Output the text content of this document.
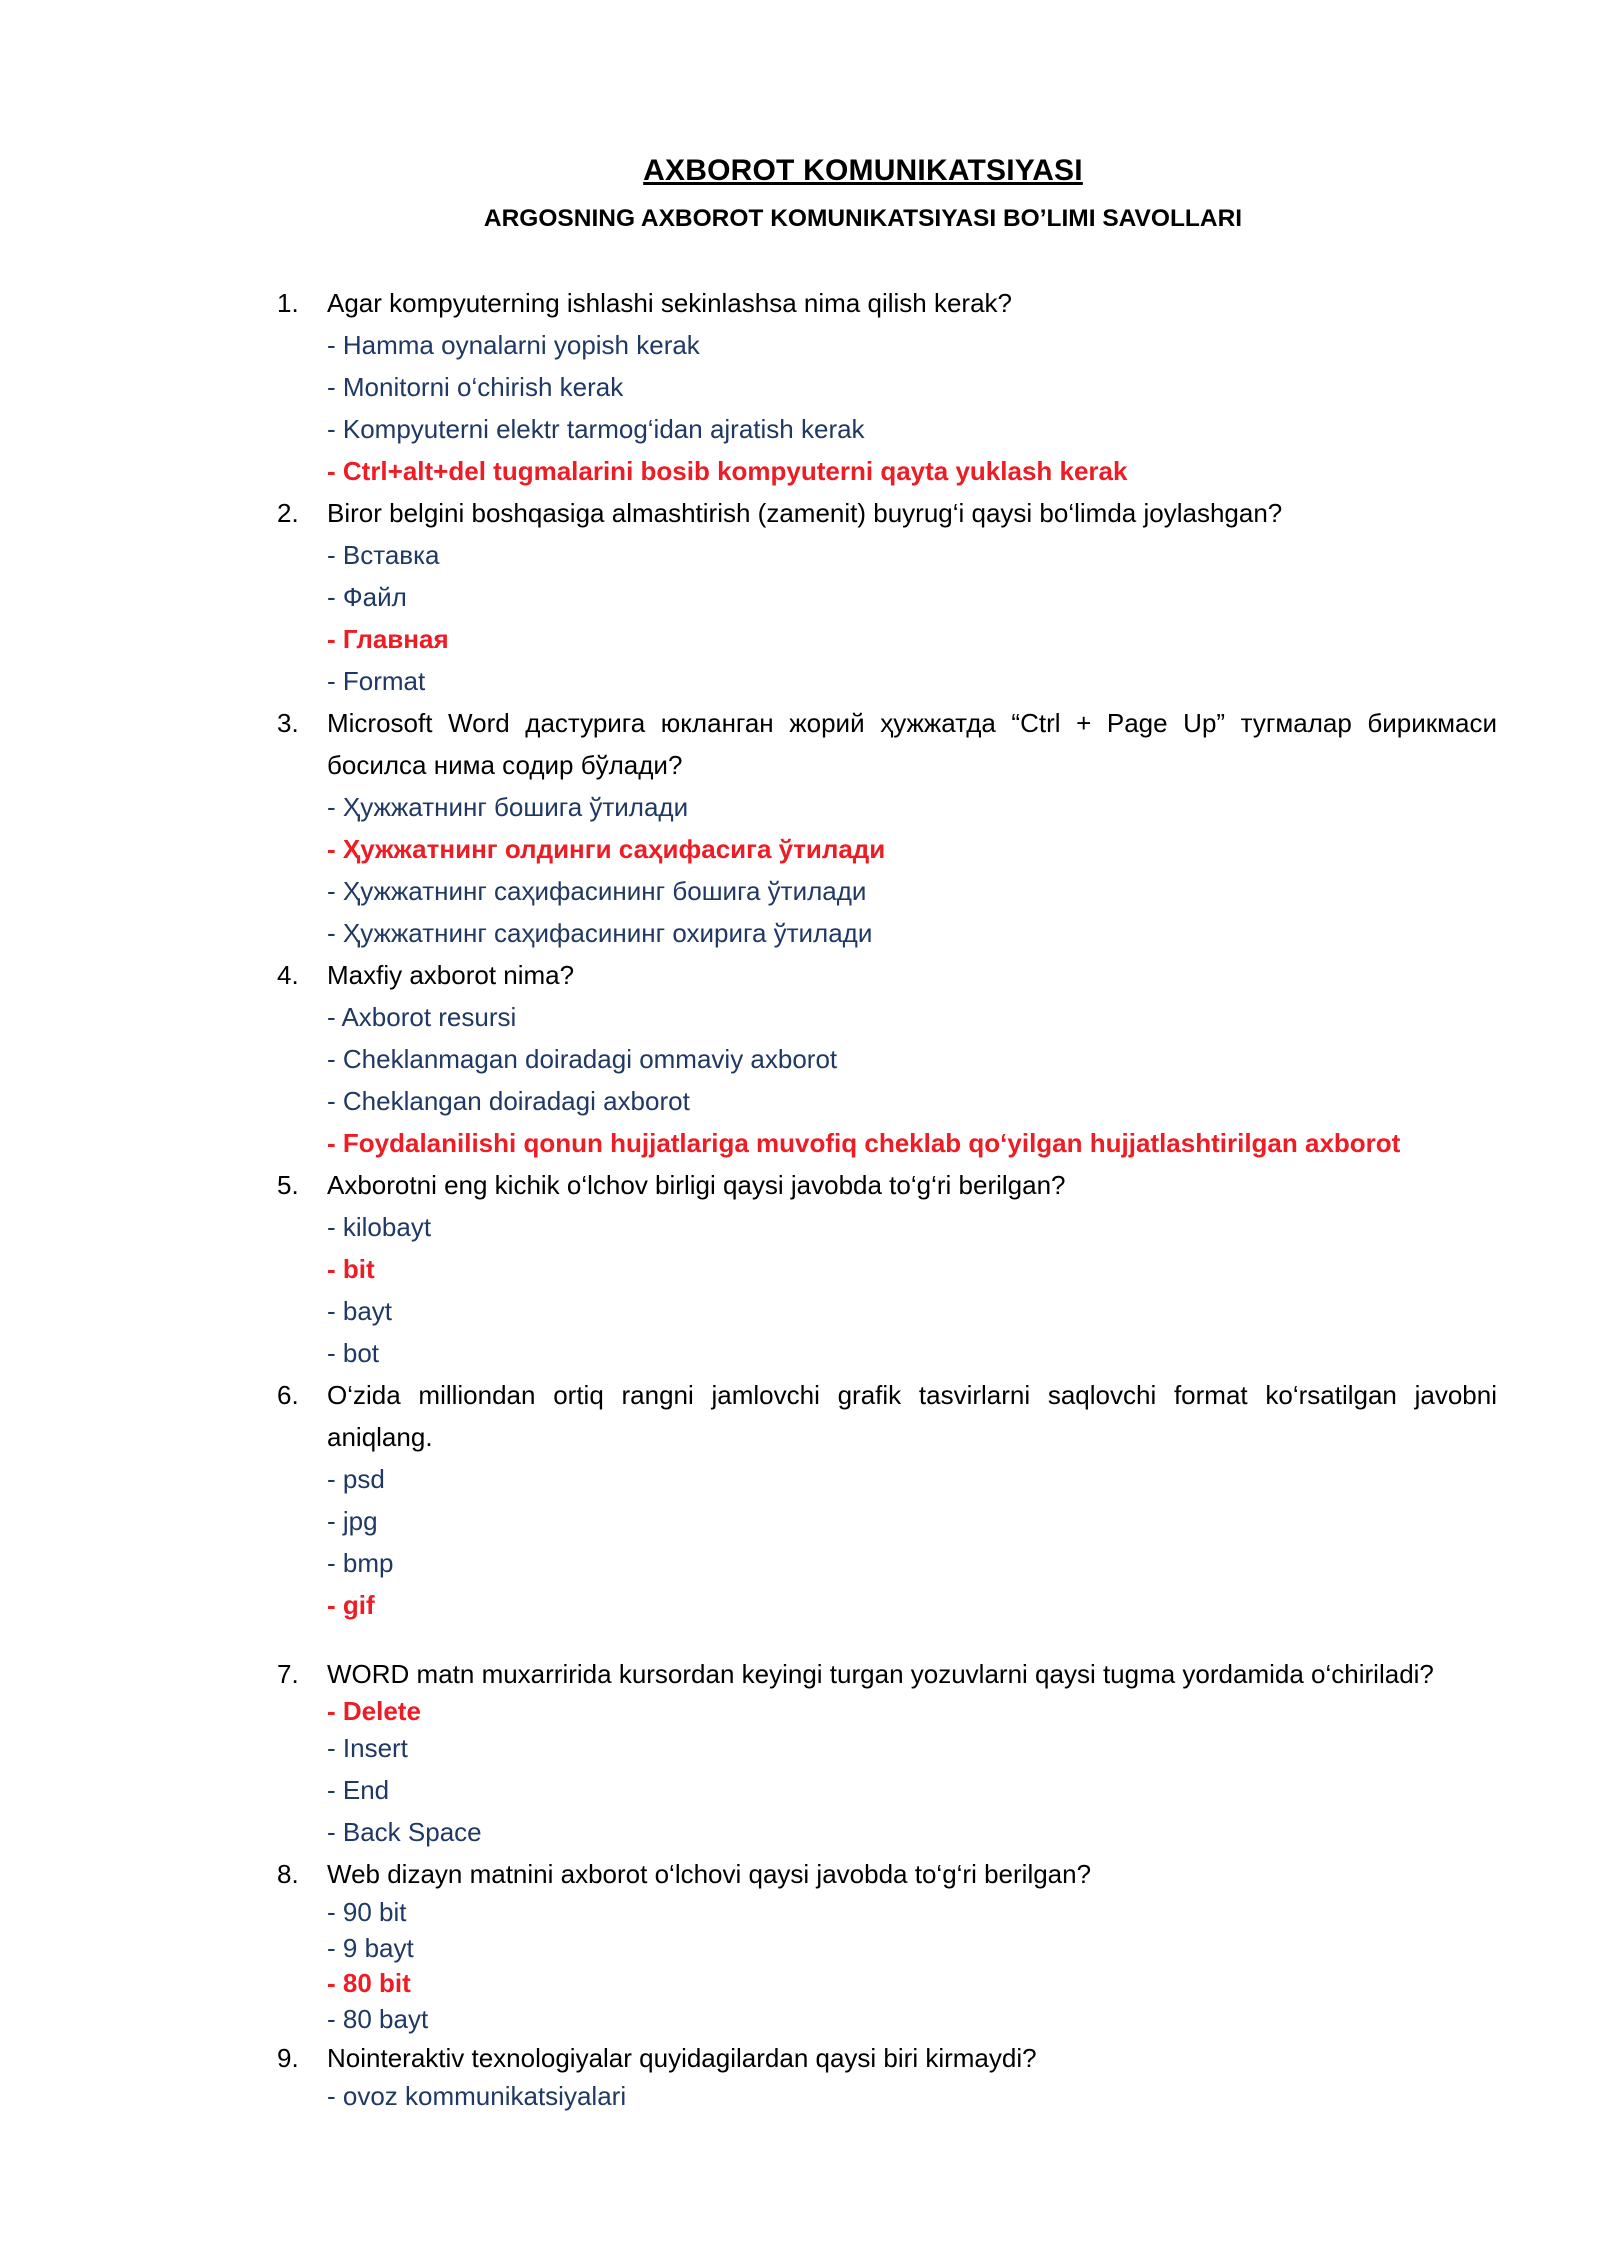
AXBOROT KOMUNIKATSIYASI
ARGOSNING AXBOROT KOMUNIKATSIYASI BO’LIMI SAVOLLARI
1. Agar kompyuterning ishlashi sekinlashsa nima qilish kerak?
- Hamma oynalarni yopish kerak
- Monitorni o‘chirish kerak
- Kompyuterni elektr tarmog‘idan ajratish kerak
- Ctrl+alt+del tugmalarini bosib kompyuterni qayta yuklash kerak
2. Biror belgini boshqasiga almashtirish (zamenit) buyrug‘i qaysi bo‘limda joylashgan?
- Вставка
- Файл
- Главная
- Format
3. Microsoft Word дастурига юкланган жорий ҳужжатда “Ctrl + Page Up” тугмалар бирикмаси босилса нима содир бўлади?
- Ҳужжатнинг бошига ўтилади
- Ҳужжатнинг олдинги саҳифасига ўтилади
- Ҳужжатнинг саҳифасининг бошига ўтилади
- Ҳужжатнинг саҳифасининг охирига ўтилади
4. Maxfiy axborot nima?
- Axborot resursi
- Cheklanmagan doiradagi ommaviy axborot
- Cheklangan doiradagi axborot
- Foydalanilishi qonun hujjatlariga muvofiq cheklab qo‘yilgan hujjatlashtirilgan axborot
5. Axborotni eng kichik o‘lchov birligi qaysi javobda to‘g‘ri berilgan?
- kilobayt
- bit
- bayt
- bot
6. O‘zida milliondan ortiq rangni jamlovchi grafik tasvirlarni saqlovchi format ko‘rsatilgan javobni aniqlang.
- psd
- jpg
- bmp
- gif
7. WORD matn muxarririda kursordan keyingi turgan yozuvlarni qaysi tugma yordamida o‘chiriladi?
- Delete
- Insert
- End
- Back Space
8. Web dizayn matnini axborot o‘lchovi qaysi javobda to‘g‘ri berilgan?
- 90 bit
- 9 bayt
- 80 bit
- 80 bayt
9. Nointeraktiv texnologiyalar quyidagilardan qaysi biri kirmaydi?
- ovoz kommunikatsiyalari
